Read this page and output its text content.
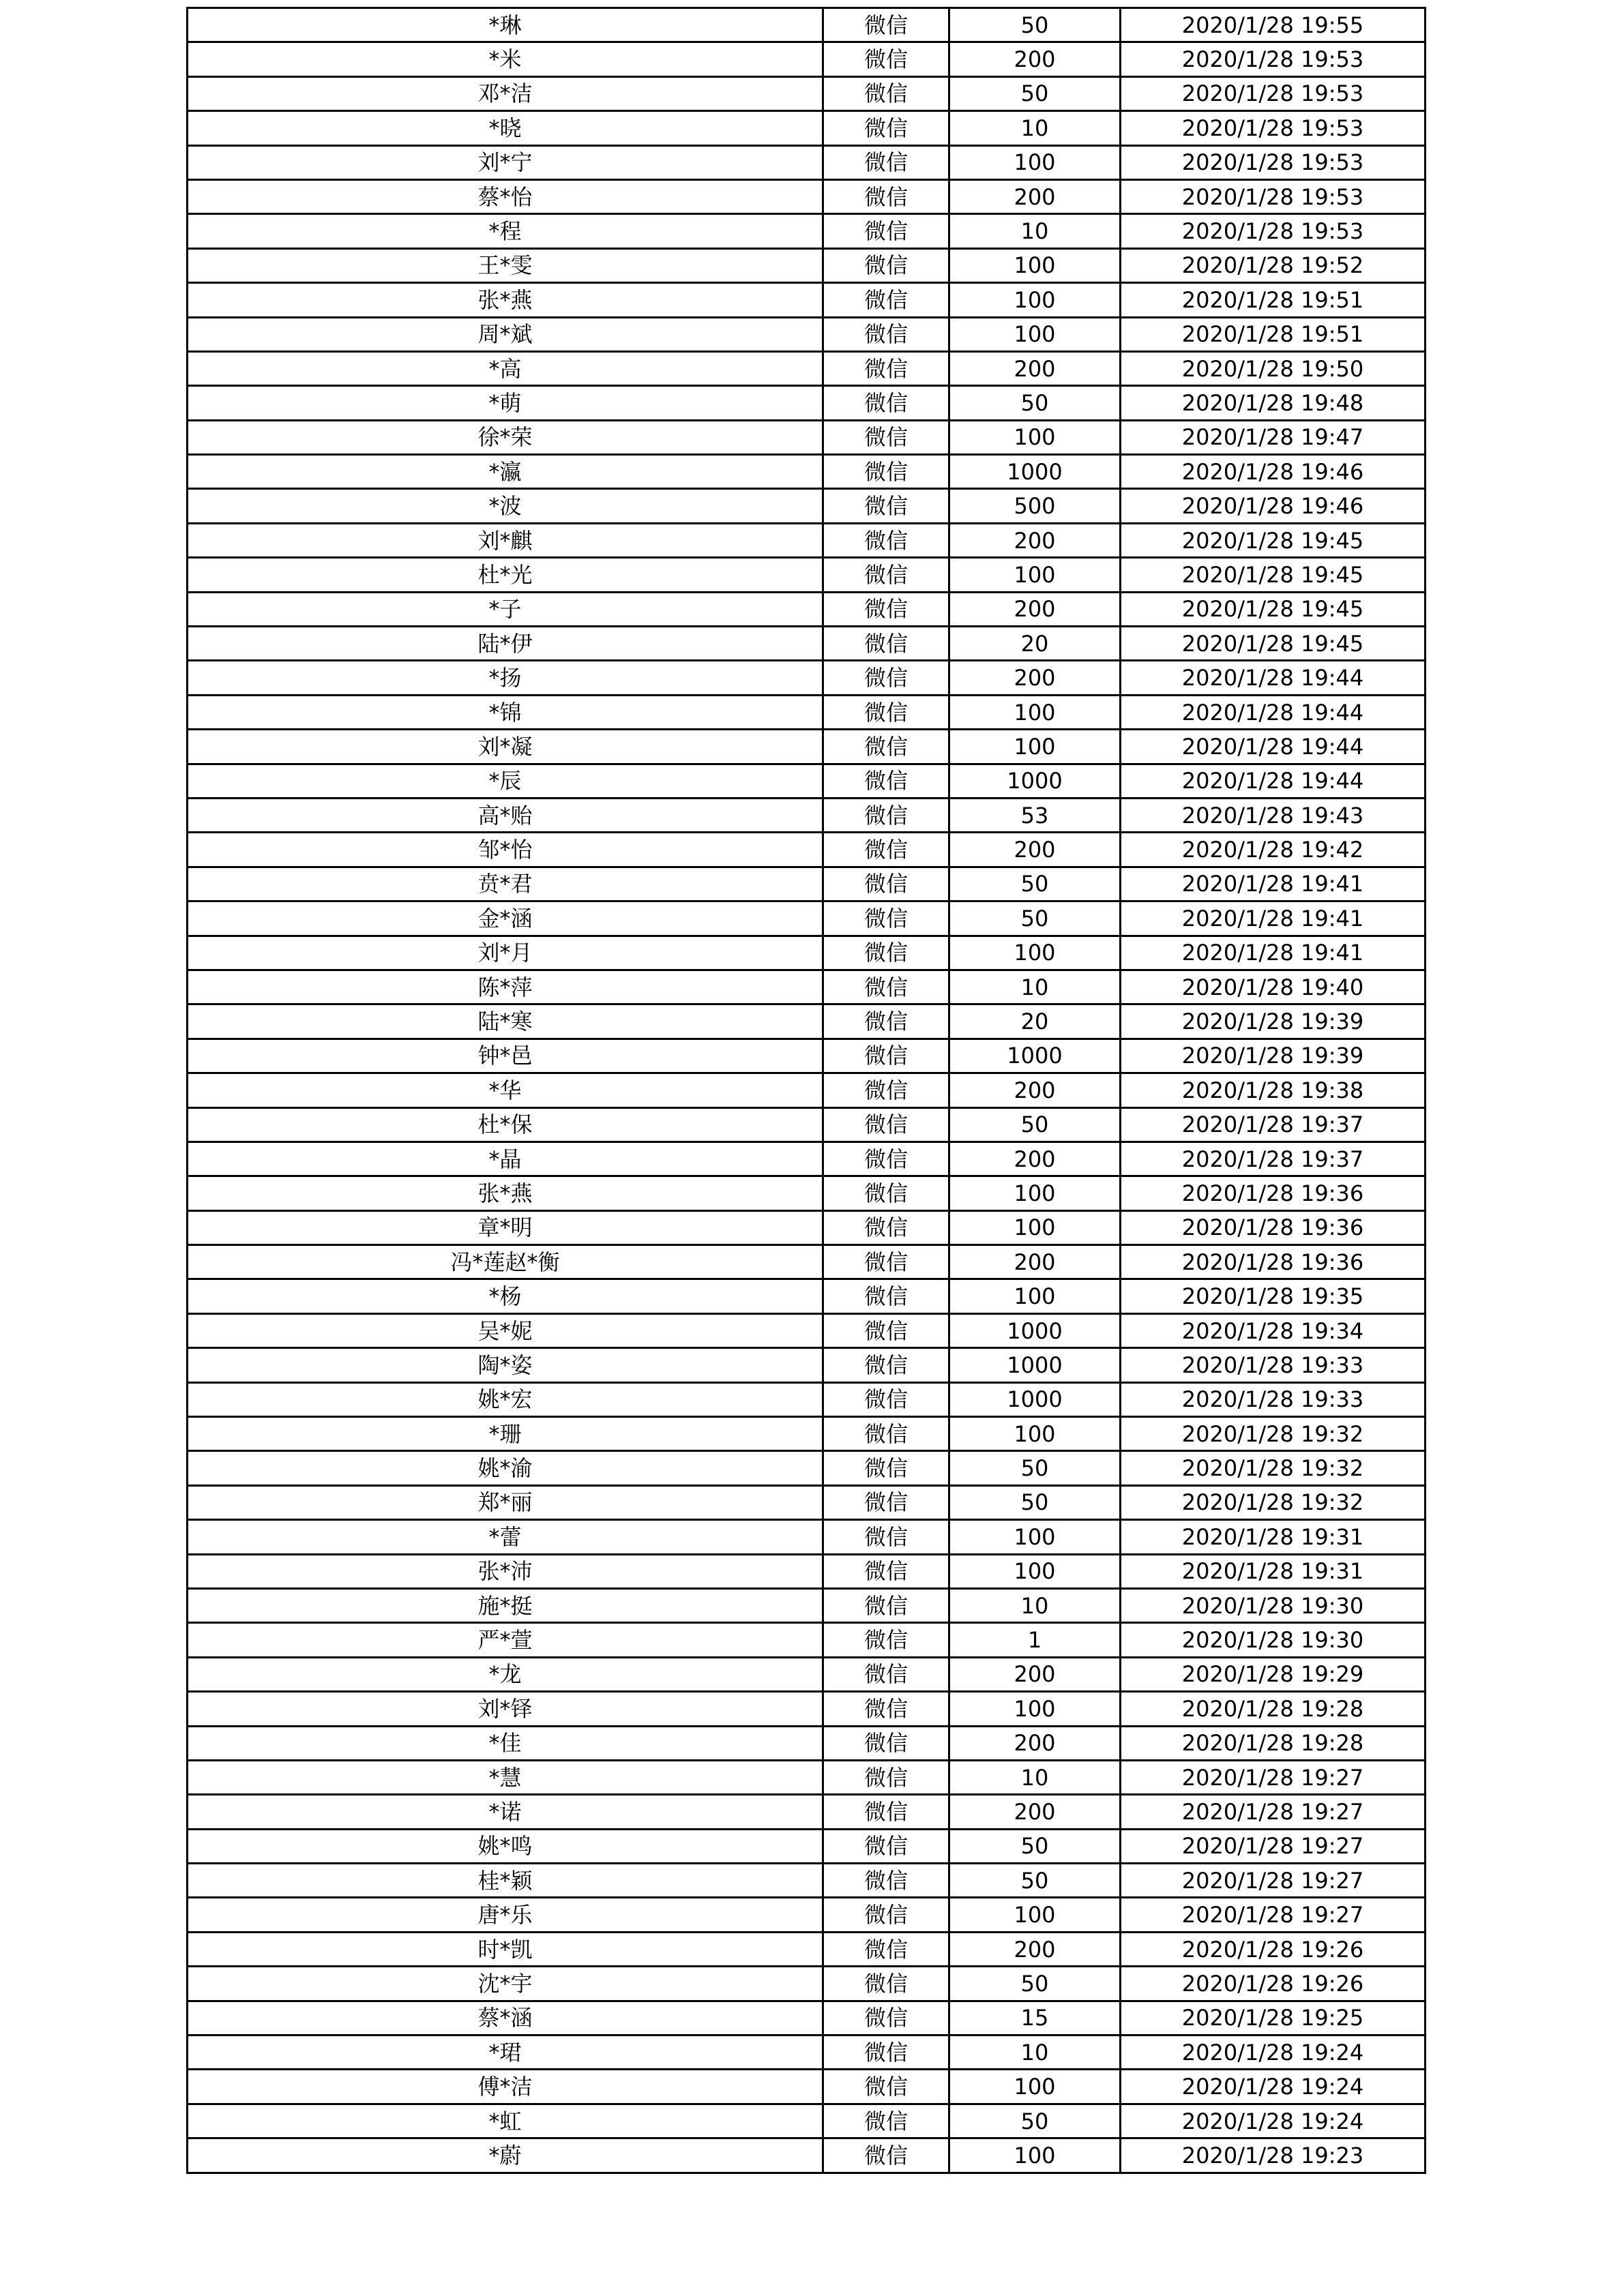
*琳	微信	50	2020/1/28 19:55
*米	微信	200	2020/1/28 19:53
邓*洁	微信	50	2020/1/28 19:53
*晓	微信	10	2020/1/28 19:53
刘*宁	微信	100	2020/1/28 19:53
蔡*怡	微信	200	2020/1/28 19:53
*程	微信	10	2020/1/28 19:53
王*雯	微信	100	2020/1/28 19:52
张*燕	微信	100	2020/1/28 19:51
周*斌	微信	100	2020/1/28 19:51
*高	微信	200	2020/1/28 19:50
*萌	微信	50	2020/1/28 19:48
徐*荣	微信	100	2020/1/28 19:47
*瀛	微信	1000	2020/1/28 19:46
*波	微信	500	2020/1/28 19:46
刘*麒	微信	200	2020/1/28 19:45
杜*光	微信	100	2020/1/28 19:45
*子	微信	200	2020/1/28 19:45
陆*伊	微信	20	2020/1/28 19:45
*扬	微信	200	2020/1/28 19:44
*锦	微信	100	2020/1/28 19:44
刘*凝	微信	100	2020/1/28 19:44
*辰	微信	1000	2020/1/28 19:44
高*贻	微信	53	2020/1/28 19:43
邹*怡	微信	200	2020/1/28 19:42
贲*君	微信	50	2020/1/28 19:41
金*涵	微信	50	2020/1/28 19:41
刘*月	微信	100	2020/1/28 19:41
陈*萍	微信	10	2020/1/28 19:40
陆*寒	微信	20	2020/1/28 19:39
钟*邑	微信	1000	2020/1/28 19:39
*华	微信	200	2020/1/28 19:38
杜*保	微信	50	2020/1/28 19:37
*晶	微信	200	2020/1/28 19:37
张*燕	微信	100	2020/1/28 19:36
章*明	微信	100	2020/1/28 19:36
冯*莲赵*衡	微信	200	2020/1/28 19:36
*杨	微信	100	2020/1/28 19:35
吴*妮	微信	1000	2020/1/28 19:34
陶*姿	微信	1000	2020/1/28 19:33
姚*宏	微信	1000	2020/1/28 19:33
*珊	微信	100	2020/1/28 19:32
姚*渝	微信	50	2020/1/28 19:32
郑*丽	微信	50	2020/1/28 19:32
*蕾	微信	100	2020/1/28 19:31
张*沛	微信	100	2020/1/28 19:31
施*挺	微信	10	2020/1/28 19:30
严*萱	微信	1	2020/1/28 19:30
*龙	微信	200	2020/1/28 19:29
刘*铎	微信	100	2020/1/28 19:28
*佳	微信	200	2020/1/28 19:28
*慧	微信	10	2020/1/28 19:27
*诺	微信	200	2020/1/28 19:27
姚*鸣	微信	50	2020/1/28 19:27
桂*颖	微信	50	2020/1/28 19:27
唐*乐	微信	100	2020/1/28 19:27
时*凯	微信	200	2020/1/28 19:26
沈*宇	微信	50	2020/1/28 19:26
蔡*涵	微信	15	2020/1/28 19:25
*珺	微信	10	2020/1/28 19:24
傅*洁	微信	100	2020/1/28 19:24
*虹	微信	50	2020/1/28 19:24
*蔚	微信	100	2020/1/28 19:23
